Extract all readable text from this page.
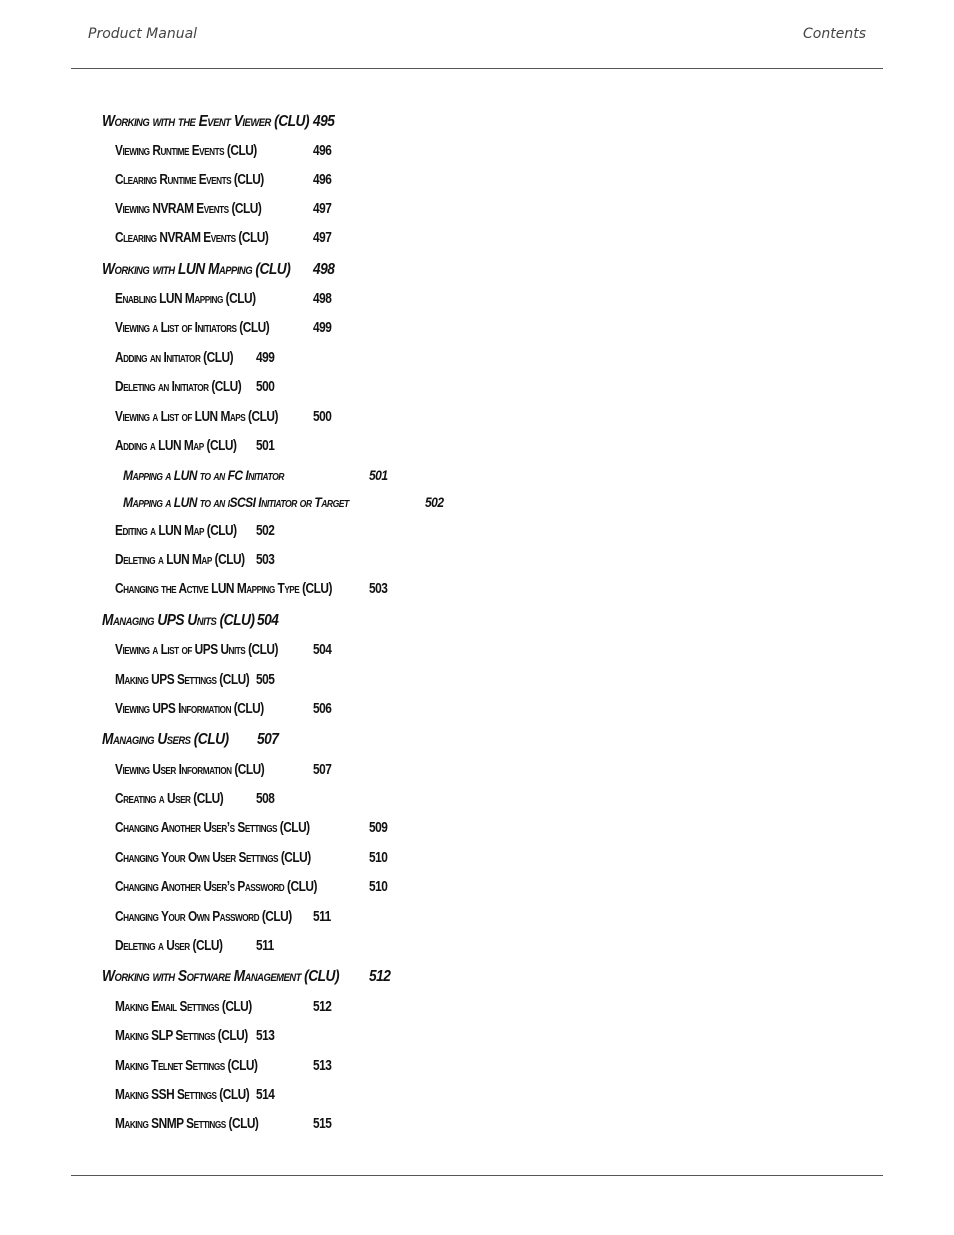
Product Manual	Contents
Working with the Event Viewer (CLU) 495
Viewing Runtime Events (CLU)	496
Clearing Runtime Events (CLU)	496
Viewing NVRAM Events (CLU)	497
Clearing NVRAM Events (CLU)	497
Working with LUN Mapping (CLU) 498
Enabling LUN Mapping (CLU)	498
Viewing a List of Initiators (CLU)	499
Adding an Initiator (CLU) 499
Deleting an Initiator (CLU) 500
Viewing a List of LUN Maps (CLU) 500
Adding a LUN Map (CLU) 501
Mapping a LUN to an FC Initiator	501
Mapping a LUN to an iSCSI Initiator or Target	502
Editing a LUN Map (CLU) 502
Deleting a LUN Map (CLU) 503
Changing the Active LUN Mapping Type (CLU)	503
Managing UPS Units (CLU) 504
Viewing a List of UPS Units (CLU) 504
Making UPS Settings (CLU) 505
Viewing UPS Information (CLU)	506
Managing Users (CLU) 507
Viewing User Information (CLU)	507
Creating a User (CLU) 508
Changing Another User’s Settings (CLU)	509
Changing Your Own User Settings (CLU)	510
Changing Another User’s Password (CLU)	510
Changing Your Own Password (CLU) 511
Deleting a User (CLU) 511
Working with Software Management (CLU) 512
Making Email Settings (CLU)	512
Making SLP Settings (CLU) 513
Making Telnet Settings (CLU)	513
Making SSH Settings (CLU) 514
Making SNMP Settings (CLU)	515
